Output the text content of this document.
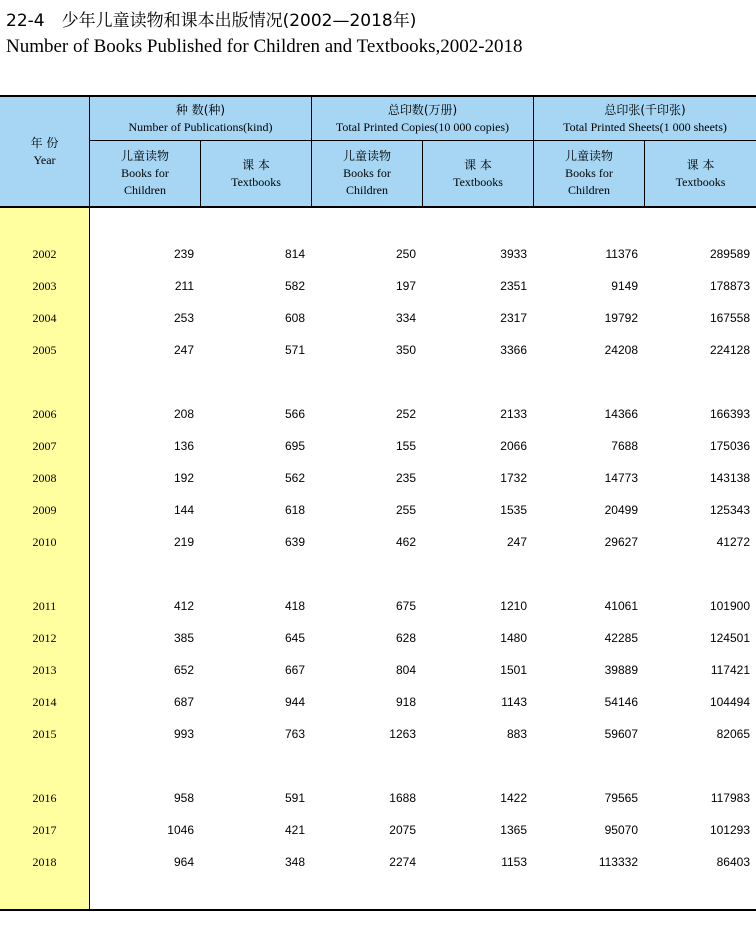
22-4　少年儿童读物和课本出版情况(2002—2018年)
Number of Books Published for Children and Textbooks,2002-2018
年 份
Year
种 数(种)
Number of Publications(kind)
总印数(万册)
Total Printed Copies(10 000 copies)
总印张(千印张)
Total Printed Sheets(1 000 sheets)
儿童读物
Books for
Children
课 本
Textbooks
儿童读物
Books for
Children
课 本
Textbooks
儿童读物
Books for
Children
课 本
Textbooks
2002	239	814	250	3933	11376	289589
2003	211	582	197	2351	9149	178873
2004	253	608	334	2317	19792	167558
2005	247	571	350	3366	24208	224128
2006	208	566	252	2133	14366	166393
2007	136	695	155	2066	7688	175036
2008	192	562	235	1732	14773	143138
2009	144	618	255	1535	20499	125343
2010	219	639	462	247	29627	41272
2011	412	418	675	1210	41061	101900
2012	385	645	628	1480	42285	124501
2013	652	667	804	1501	39889	117421
2014	687	944	918	1143	54146	104494
2015	993	763	1263	883	59607	82065
2016	958	591	1688	1422	79565	117983
2017	1046	421	2075	1365	95070	101293
2018	964	348	2274	1153	113332	86403
